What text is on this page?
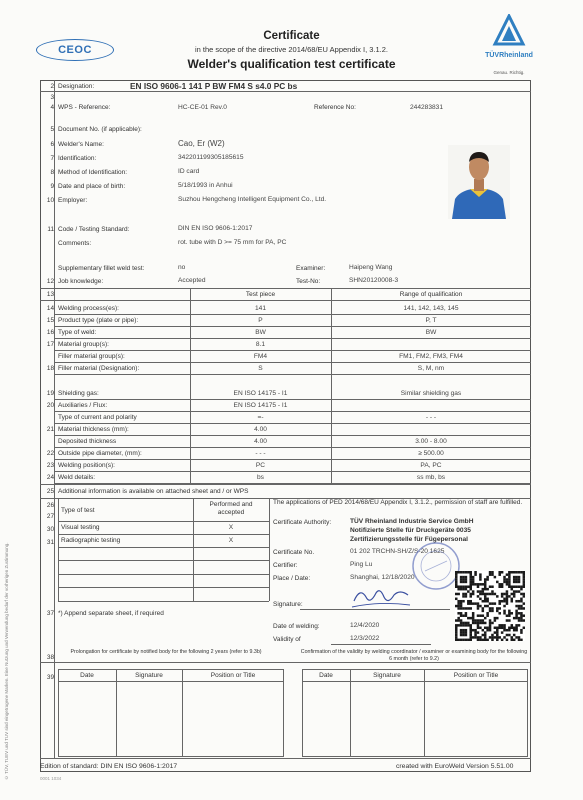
CEOC	TÜVRheinland
Genau. Richtig.
Certificate
in the scope of the directive 2014/68/EU Appendix I, 3.1.2.
Welder's qualification test certificate
2 Designation:	EN ISO 9606-1 141 P BW FM4 S s4.0 PC bs
3
4 WPS - Reference:	HC-CE-01 Rev.0	Reference No:	244283831
5 Document No. (if applicable):
6 Welder's Name:	Cao, Er (W2)
7 Identification:	342201199305185615
8 Method of Identification:	ID card
9 Date and place of birth:	5/18/1993 in Anhui
10 Employer:	Suzhou Hengcheng Intelligent Equipment Co., Ltd.
11 Code / Testing Standard:	DIN EN ISO 9606-1:2017
Comments:	rot. tube with D >= 75 mm for PA, PC
Supplementary fillet weld test:	no	Examiner:	Haipeng Wang
12 Job knowledge:	Accepted	Test-No:	SHN20120008-3
13	Test piece	Range of qualification
14 Welding process(es):	141	141, 142, 143, 145
15 Product type (plate or pipe):	P	P, T
16 Type of weld:	BW	BW
17 Material group(s):	8.1
Filler material group(s):	FM4	FM1, FM2, FM3, FM4
18 Filler material (Designation):	S	S, M, nm
19 Shielding gas:	EN ISO 14175 - I1	Similar shielding gas
20 Auxiliaries / Flux:	EN ISO 14175 - I1
Type of current and polarity	=-	- - -
21 Material thickness (mm):	4.00
Deposited thickness	4.00	3.00 - 8.00
22 Outside pipe diameter, (mm):	- - -	≥ 500.00
23 Welding position(s):	PC	PA, PC
24 Weld details:	bs	ss mb, bs
25 Additional information is available on attached sheet and / or WPS
26
27
30
31
Type of test
Performed and accepted
Visual testing	X
Radiographic testing	X
The applications of PED 2014/68/EU Appendix I, 3.1.2., permission of staff are fulfilled.
Certificate Authority:	TÜV Rheinland Industrie Service GmbH
Notifizierte Stelle für Druckgeräte 0035
Zertifizierungsstelle für Fügepersonal
Certificate No.	01 202 TRCHN-SH/Z/S-20 1625
Certifier:	Ping Lu
Place / Date:	Shanghai, 12/18/2020
Signature:
37 *) Append separate sheet, if required
Date of welding:	12/4/2020
Validity of	12/3/2022
38
Prolongation for certificate by notified body for the following 2 years (refer to 9.3b)	Confirmation of the validity by welding coordinator / examiner or examining body for the following 6 month (refer to 9.2)
39	Date	Signature	Position or Title	Date	Signature	Position or Title
Edition of standard: DIN EN ISO 9606-1:2017	created with EuroWeld Version 5.51.00
0001 1034
© TÜV, TUEV und TUV sind eingetragene Marken. Eine Nutzung und Verwendung bedarf der vorherigen Zustimmung.
